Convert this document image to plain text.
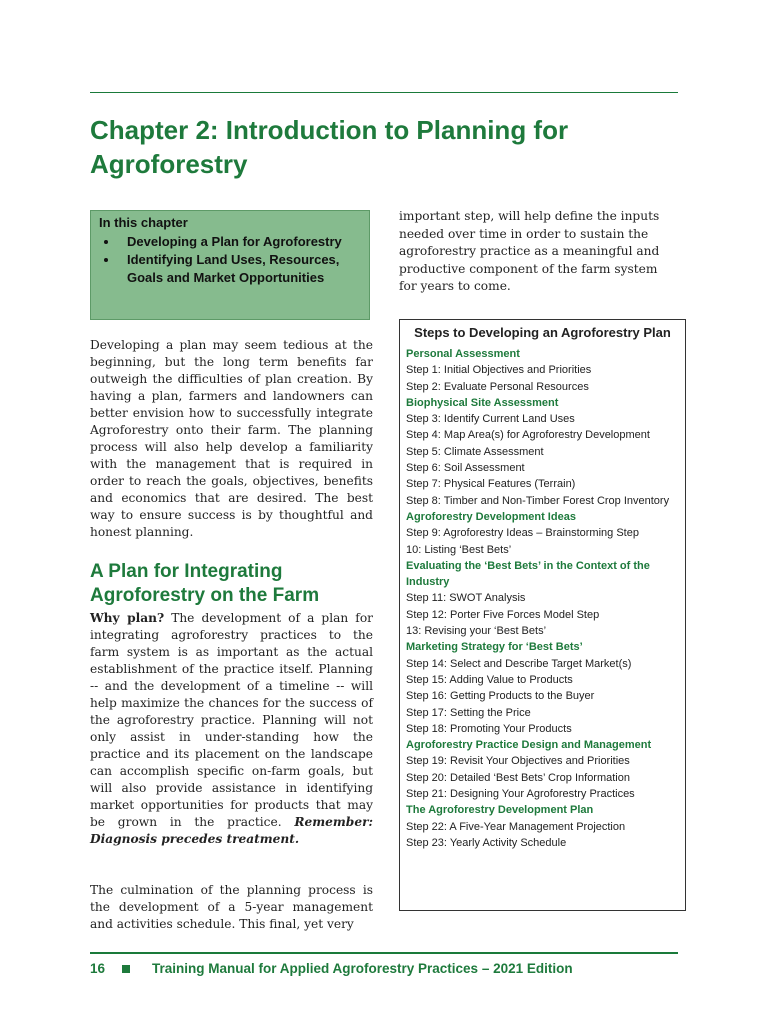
Chapter 2: Introduction to Planning for Agroforestry
In this chapter
• Developing a Plan for Agroforestry
• Identifying Land Uses, Resources, Goals and Market Opportunities
Developing a plan may seem tedious at the beginning, but the long term benefits far outweigh the difficulties of plan creation. By having a plan, farmers and landowners can better envision how to successfully integrate Agroforestry onto their farm. The planning process will also help develop a familiarity with the management that is required in order to reach the goals, objectives, benefits and economics that are desired. The best way to ensure success is by thoughtful and honest planning.
A Plan for Integrating Agroforestry on the Farm
Why plan? The development of a plan for integrating agroforestry practices to the farm system is as important as the actual establishment of the practice itself. Planning -- and the development of a timeline -- will help maximize the chances for the success of the agroforestry practice. Planning will not only assist in under-standing how the practice and its placement on the landscape can accomplish specific on-farm goals, but will also provide assistance in identifying market opportunities for products that may be grown in the practice. Remember: Diagnosis precedes treatment.
The culmination of the planning process is the development of a 5-year management and activities schedule. This final, yet very
important step, will help define the inputs needed over time in order to sustain the agroforestry practice as a meaningful and productive component of the farm system for years to come.
Steps to Developing an Agroforestry Plan
Personal Assessment
Step 1: Initial Objectives and Priorities
Step 2: Evaluate Personal Resources
Biophysical Site Assessment
Step 3: Identify Current Land Uses
Step 4: Map Area(s) for Agroforestry Development
Step 5: Climate Assessment
Step 6: Soil Assessment
Step 7: Physical Features (Terrain)
Step 8: Timber and Non-Timber Forest Crop Inventory
Agroforestry Development Ideas
Step 9: Agroforestry Ideas – Brainstorming Step
10: Listing ‘Best Bets’
Evaluating the ‘Best Bets’ in the Context of the Industry
Step 11: SWOT Analysis
Step 12: Porter Five Forces Model Step
13: Revising your ‘Best Bets’
Marketing Strategy for ‘Best Bets’
Step 14: Select and Describe Target Market(s)
Step 15: Adding Value to Products
Step 16: Getting Products to the Buyer
Step 17: Setting the Price
Step 18: Promoting Your Products
Agroforestry Practice Design and Management
Step 19: Revisit Your Objectives and Priorities
Step 20: Detailed ‘Best Bets’ Crop Information
Step 21: Designing Your Agroforestry Practices
The Agroforestry Development Plan
Step 22: A Five-Year Management Projection
Step 23: Yearly Activity Schedule
16	Training Manual for Applied Agroforestry Practices – 2021 Edition
